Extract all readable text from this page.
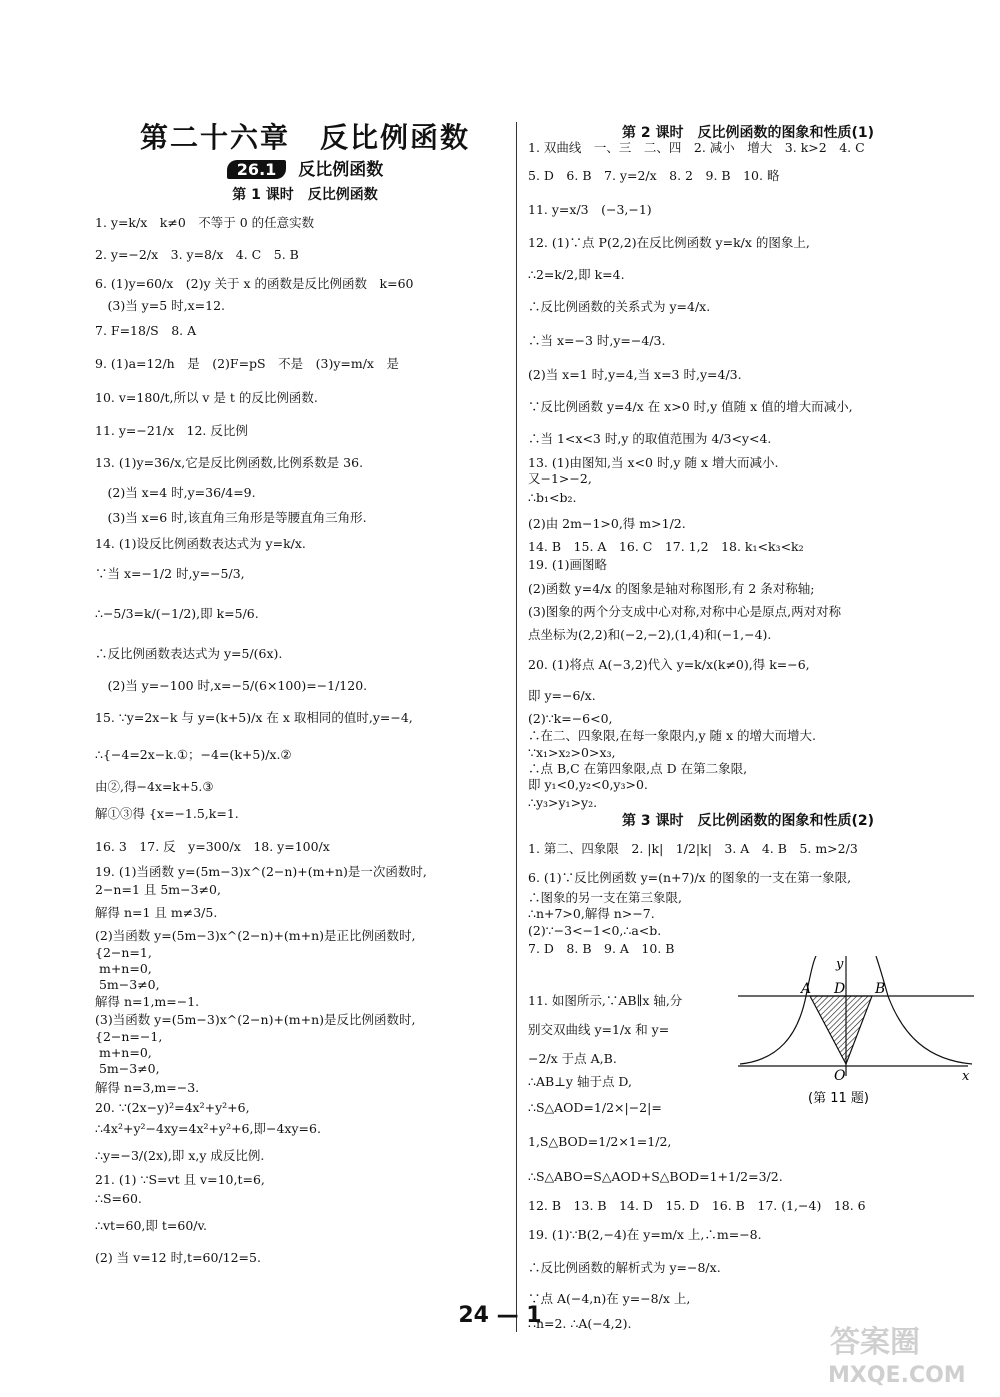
第二十六章　反比例函数
26.1 反比例函数
第 1 课时　反比例函数

1. y=k/x　k≠0　不等于 0 的任意实数

2. y=−2/x　3. y=8/x　4. C　5. B

6. (1)y=60/x　(2)y 关于 x 的函数是反比例函数　k=60

　(3)当 y=5 时,x=12.

7. F=18/S　8. A

9. (1)a=12/h　是　(2)F=pS　不是　(3)y=m/x　是

10. v=180/t,所以 v 是 t 的反比例函数.

11. y=−21/x　12. 反比例

13. (1)y=36/x,它是反比例函数,比例系数是 36.

　(2)当 x=4 时,y=36/4=9.

　(3)当 x=6 时,该直角三角形是等腰直角三角形.

14. (1)设反比例函数表达式为 y=k/x.

∵当 x=−1/2 时,y=−5/3,

∴−5/3=k/(−1/2),即 k=5/6.

∴反比例函数表达式为 y=5/(6x).

　(2)当 y=−100 时,x=−5/(6×100)=−1/120.

15. ∵y=2x−k 与 y=(k+5)/x 在 x 取相同的值时,y=−4,

∴{−4=2x−k.①；−4=(k+5)/x.②

由②,得−4x=k+5.③

解①③得 {x=−1.5,k=1.

16. 3　17. 反　y=300/x　18. y=100/x

19. (1)当函数 y=(5m−3)x^(2−n)+(m+n)是一次函数时,

2−n=1 且 5m−3≠0,

解得 n=1 且 m≠3/5.

(2)当函数 y=(5m−3)x^(2−n)+(m+n)是正比例函数时,

{2−n=1,

m+n=0,

5m−3≠0,

解得 n=1,m=−1.

(3)当函数 y=(5m−3)x^(2−n)+(m+n)是反比例函数时,

{2−n=−1,

m+n=0,

5m−3≠0,

解得 n=3,m=−3.

20. ∵(2x−y)²=4x²+y²+6,

∴4x²+y²−4xy=4x²+y²+6,即−4xy=6.

∴y=−3/(2x),即 x,y 成反比例.

21. (1) ∵S=vt 且 v=10,t=6,

∴S=60.

∴vt=60,即 t=60/v.

(2) 当 v=12 时,t=60/12=5.

第 2 课时　反比例函数的图象和性质(1)

1. 双曲线　一、三　二、四　2. 减小　增大　3. k>2　4. C

5. D　6. B　7. y=2/x　8. 2　9. B　10. 略

11. y=x/3　(−3,−1)

12. (1)∵点 P(2,2)在反比例函数 y=k/x 的图象上,

∴2=k/2,即 k=4.

∴反比例函数的关系式为 y=4/x.

∴当 x=−3 时,y=−4/3.

(2)当 x=1 时,y=4,当 x=3 时,y=4/3.

∵反比例函数 y=4/x 在 x>0 时,y 值随 x 值的增大而减小,

∴当 1<x<3 时,y 的取值范围为 4/3<y<4.

13. (1)由图知,当 x<0 时,y 随 x 增大而减小.

又−1>−2,

∴b₁<b₂.

(2)由 2m−1>0,得 m>1/2.

14. B　15. A　16. C　17. 1,2　18. k₁<k₃<k₂

19. (1)画图略

(2)函数 y=4/x 的图象是轴对称图形,有 2 条对称轴;

(3)图象的两个分支成中心对称,对称中心是原点,两对对称

点坐标为(2,2)和(−2,−2),(1,4)和(−1,−4).

20. (1)将点 A(−3,2)代入 y=k/x(k≠0),得 k=−6,

即 y=−6/x.

(2)∵k=−6<0,

∴在二、四象限,在每一象限内,y 随 x 的增大而增大.

∵x₁>x₂>0>x₃,

∴点 B,C 在第四象限,点 D 在第二象限,

即 y₁<0,y₂<0,y₃>0.

∴y₃>y₁>y₂.

第 3 课时　反比例函数的图象和性质(2)

1. 第二、四象限　2. |k|　1/2|k|　3. A　4. B　5. m>2/3

6. (1)∵反比例函数 y=(n+7)/x 的图象的一支在第一象限,

∴图象的另一支在第三象限,

∴n+7>0,解得 n>−7.

(2)∵−3<−1<0,∴a<b.

7. D　8. B　9. A　10. B

11. 如图所示,∵AB∥x 轴,分

别交双曲线 y=1/x 和 y=

−2/x 于点 A,B.

∴AB⊥y 轴于点 D,

∴S△AOD=1/2×|−2|=

1,S△BOD=1/2×1=1/2,

∴S△ABO=S△AOD+S△BOD=1+1/2=3/2.

12. B　13. B　14. D　15. D　16. B　17. (1,−4)　18. 6

19. (1)∵B(2,−4)在 y=m/x 上,∴m=−8.

∴反比例函数的解析式为 y=−8/x.

∵点 A(−4,n)在 y=−8/x 上,

∴n=2. ∴A(−4,2).

A D B
O	x
y
(第 11 题)
24 — 1
答案圈
MXQE.COM
